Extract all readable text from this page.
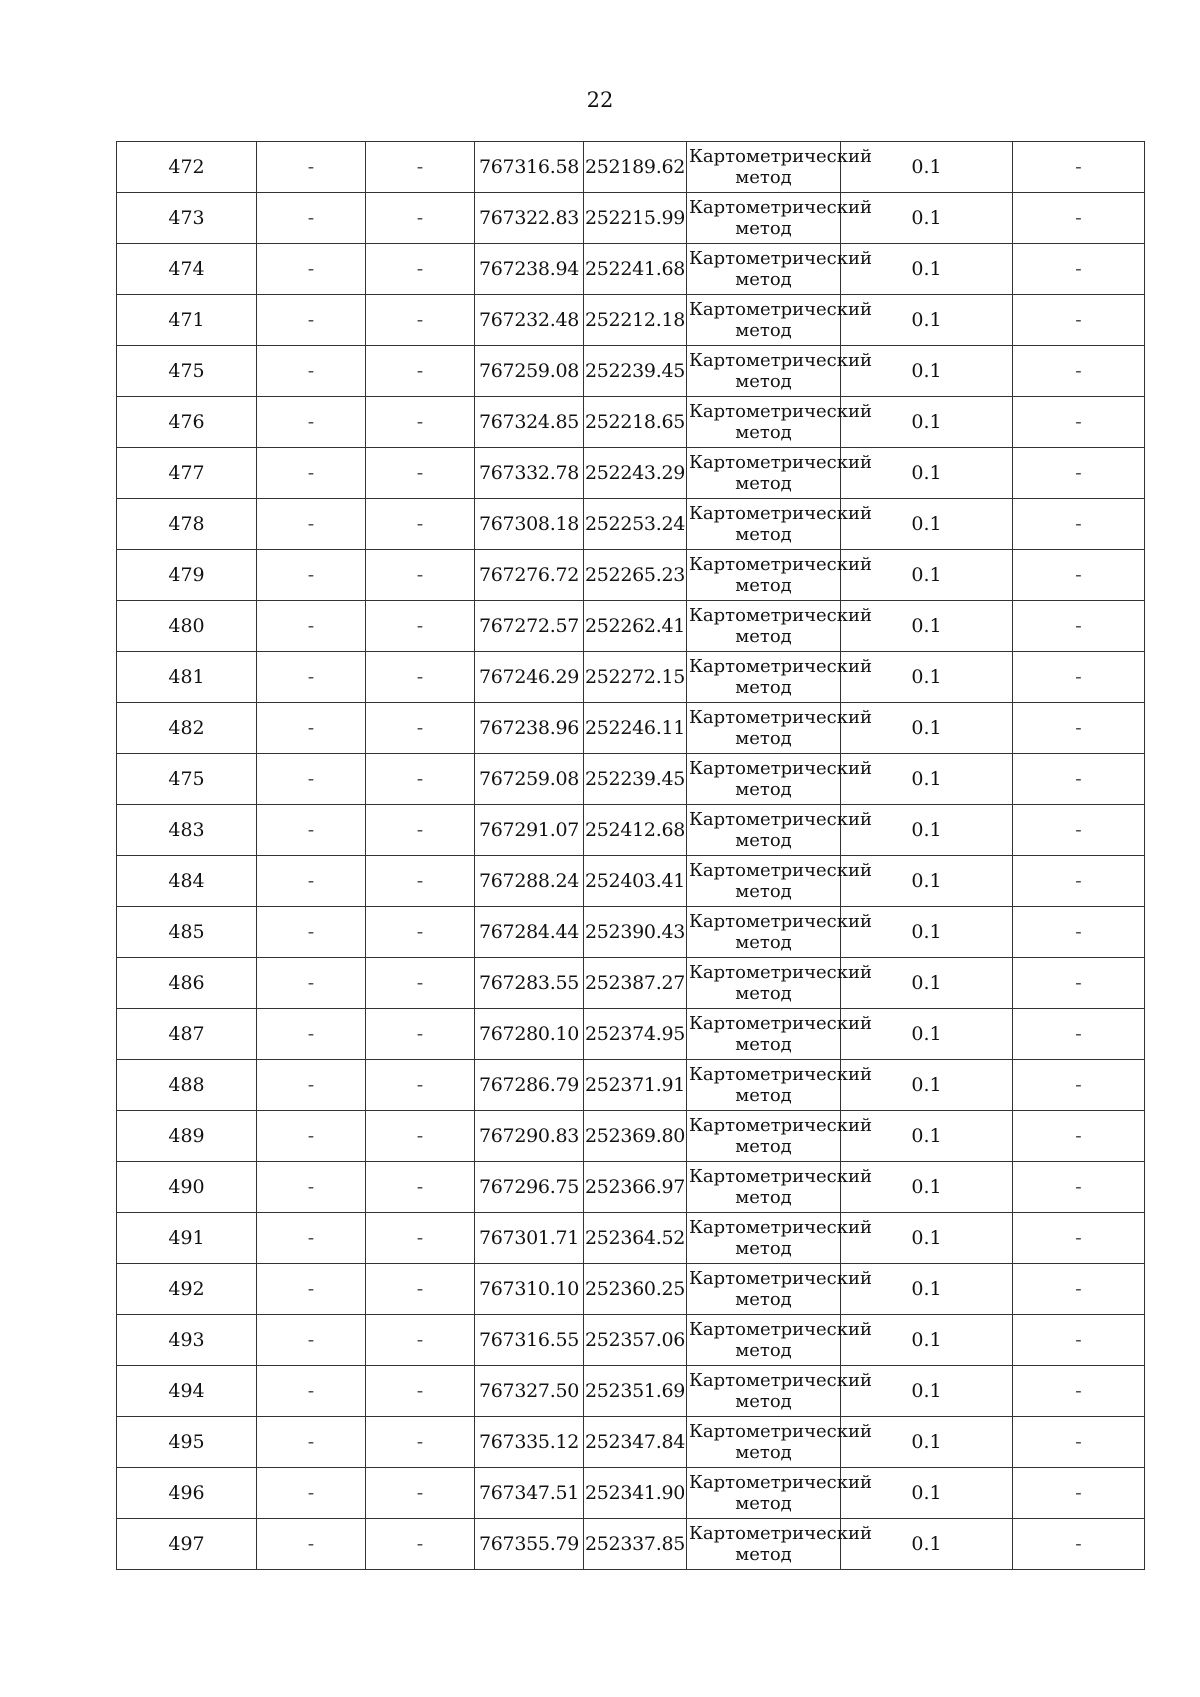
22
472	-	-	767316.58	252189.62	Картометрический метод	0.1	-
473	-	-	767322.83	252215.99	Картометрический метод	0.1	-
474	-	-	767238.94	252241.68	Картометрический метод	0.1	-
471	-	-	767232.48	252212.18	Картометрический метод	0.1	-
475	-	-	767259.08	252239.45	Картометрический метод	0.1	-
476	-	-	767324.85	252218.65	Картометрический метод	0.1	-
477	-	-	767332.78	252243.29	Картометрический метод	0.1	-
478	-	-	767308.18	252253.24	Картометрический метод	0.1	-
479	-	-	767276.72	252265.23	Картометрический метод	0.1	-
480	-	-	767272.57	252262.41	Картометрический метод	0.1	-
481	-	-	767246.29	252272.15	Картометрический метод	0.1	-
482	-	-	767238.96	252246.11	Картометрический метод	0.1	-
475	-	-	767259.08	252239.45	Картометрический метод	0.1	-
483	-	-	767291.07	252412.68	Картометрический метод	0.1	-
484	-	-	767288.24	252403.41	Картометрический метод	0.1	-
485	-	-	767284.44	252390.43	Картометрический метод	0.1	-
486	-	-	767283.55	252387.27	Картометрический метод	0.1	-
487	-	-	767280.10	252374.95	Картометрический метод	0.1	-
488	-	-	767286.79	252371.91	Картометрический метод	0.1	-
489	-	-	767290.83	252369.80	Картометрический метод	0.1	-
490	-	-	767296.75	252366.97	Картометрический метод	0.1	-
491	-	-	767301.71	252364.52	Картометрический метод	0.1	-
492	-	-	767310.10	252360.25	Картометрический метод	0.1	-
493	-	-	767316.55	252357.06	Картометрический метод	0.1	-
494	-	-	767327.50	252351.69	Картометрический метод	0.1	-
495	-	-	767335.12	252347.84	Картометрический метод	0.1	-
496	-	-	767347.51	252341.90	Картометрический метод	0.1	-
497	-	-	767355.79	252337.85	Картометрический метод	0.1	-
